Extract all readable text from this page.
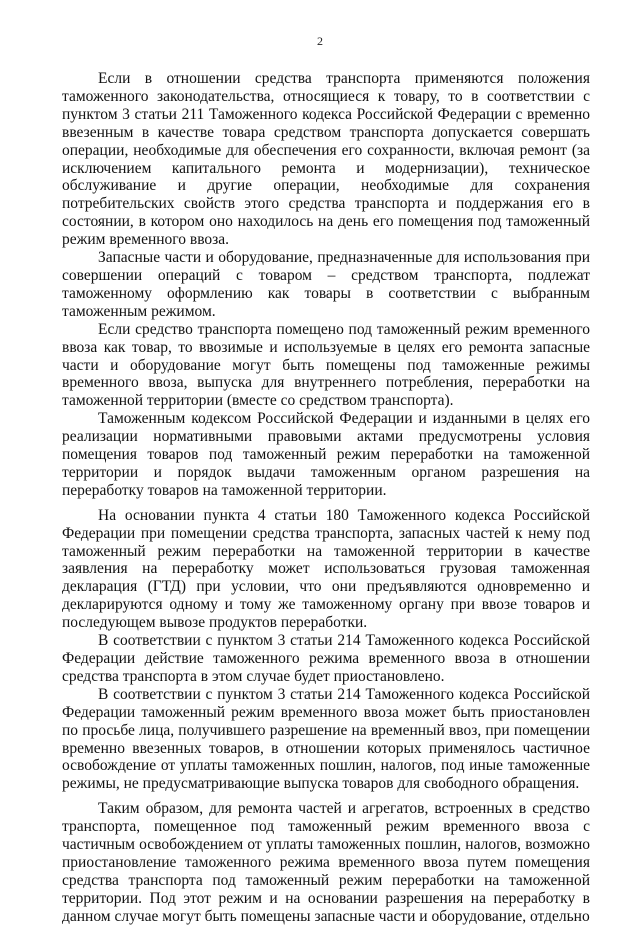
2

Если в отношении средства транспорта применяются положения таможенного законодательства, относящиеся к товару, то в соответствии с пунктом 3 статьи 211 Таможенного кодекса Российской Федерации с временно ввезенным в качестве товара средством транспорта допускается совершать операции, необходимые для обеспечения его сохранности, включая ремонт (за исключением капитального ремонта и модернизации), техническое обслуживание и другие операции, необходимые для сохранения потребительских свойств этого средства транспорта и поддержания его в состоянии, в котором оно находилось на день его помещения под таможенный режим временного ввоза.

Запасные части и оборудование, предназначенные для использования при совершении операций с товаром – средством транспорта, подлежат таможенному оформлению как товары в соответствии с выбранным таможенным режимом.

Если средство транспорта помещено под таможенный режим временного ввоза как товар, то ввозимые и используемые в целях его ремонта запасные части и оборудование могут быть помещены под таможенные режимы временного ввоза, выпуска для внутреннего потребления, переработки на таможенной территории (вместе со средством транспорта).

Таможенным кодексом Российской Федерации и изданными в целях его реализации нормативными правовыми актами предусмотрены условия помещения товаров под таможенный режим переработки на таможенной территории и порядок выдачи таможенным органом разрешения на переработку товаров на таможенной территории.

На основании пункта 4 статьи 180 Таможенного кодекса Российской Федерации при помещении средства транспорта, запасных частей к нему под таможенный режим переработки на таможенной территории в качестве заявления на переработку может использоваться грузовая таможенная декларация (ГТД) при условии, что они предъявляются одновременно и декларируются одному и тому же таможенному органу при ввозе товаров и последующем вывозе продуктов переработки.

В соответствии с пунктом 3 статьи 214 Таможенного кодекса Российской Федерации действие таможенного режима временного ввоза в отношении средства транспорта в этом случае будет приостановлено.

В соответствии с пунктом 3 статьи 214 Таможенного кодекса Российской Федерации таможенный режим временного ввоза может быть приостановлен по просьбе лица, получившего разрешение на временный ввоз, при помещении временно ввезенных товаров, в отношении которых применялось частичное освобождение от уплаты таможенных пошлин, налогов, под иные таможенные режимы, не предусматривающие выпуска товаров для свободного обращения.

Таким образом, для ремонта частей и агрегатов, встроенных в средство транспорта, помещенное под таможенный режим временного ввоза с частичным освобождением от уплаты таможенных пошлин, налогов, возможно приостановление таможенного режима временного ввоза путем помещения средства транспорта под таможенный режим переработки на таможенной территории. Под этот режим и на основании разрешения на переработку в данном случае могут быть помещены запасные части и оборудование, отдельно
